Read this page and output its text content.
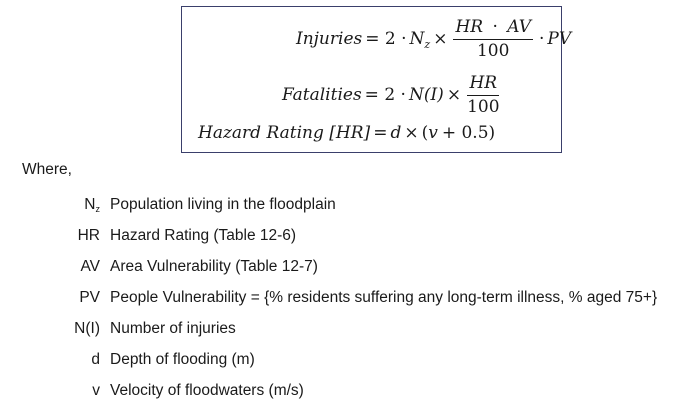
Injuries = $2 \cdot N_z \times \frac{HR \cdot AV}{100}$ · PV
Fatalities = $2 \cdot N(I) \times \frac{HR}{100}$
Hazard Rating [HR] = d × ( v + 0.5)
Where,
$N_z$ Population living in the floodplain
HR Hazard Rating (Table 12-6)
AV Area Vulnerability (Table 12-7)
PV People Vulnerability = {% residents suffering any long-term illness, % aged 75+}
N(I) Number of injuries
d Depth of flooding (m)
v Velocity of floodwaters (m/s)
